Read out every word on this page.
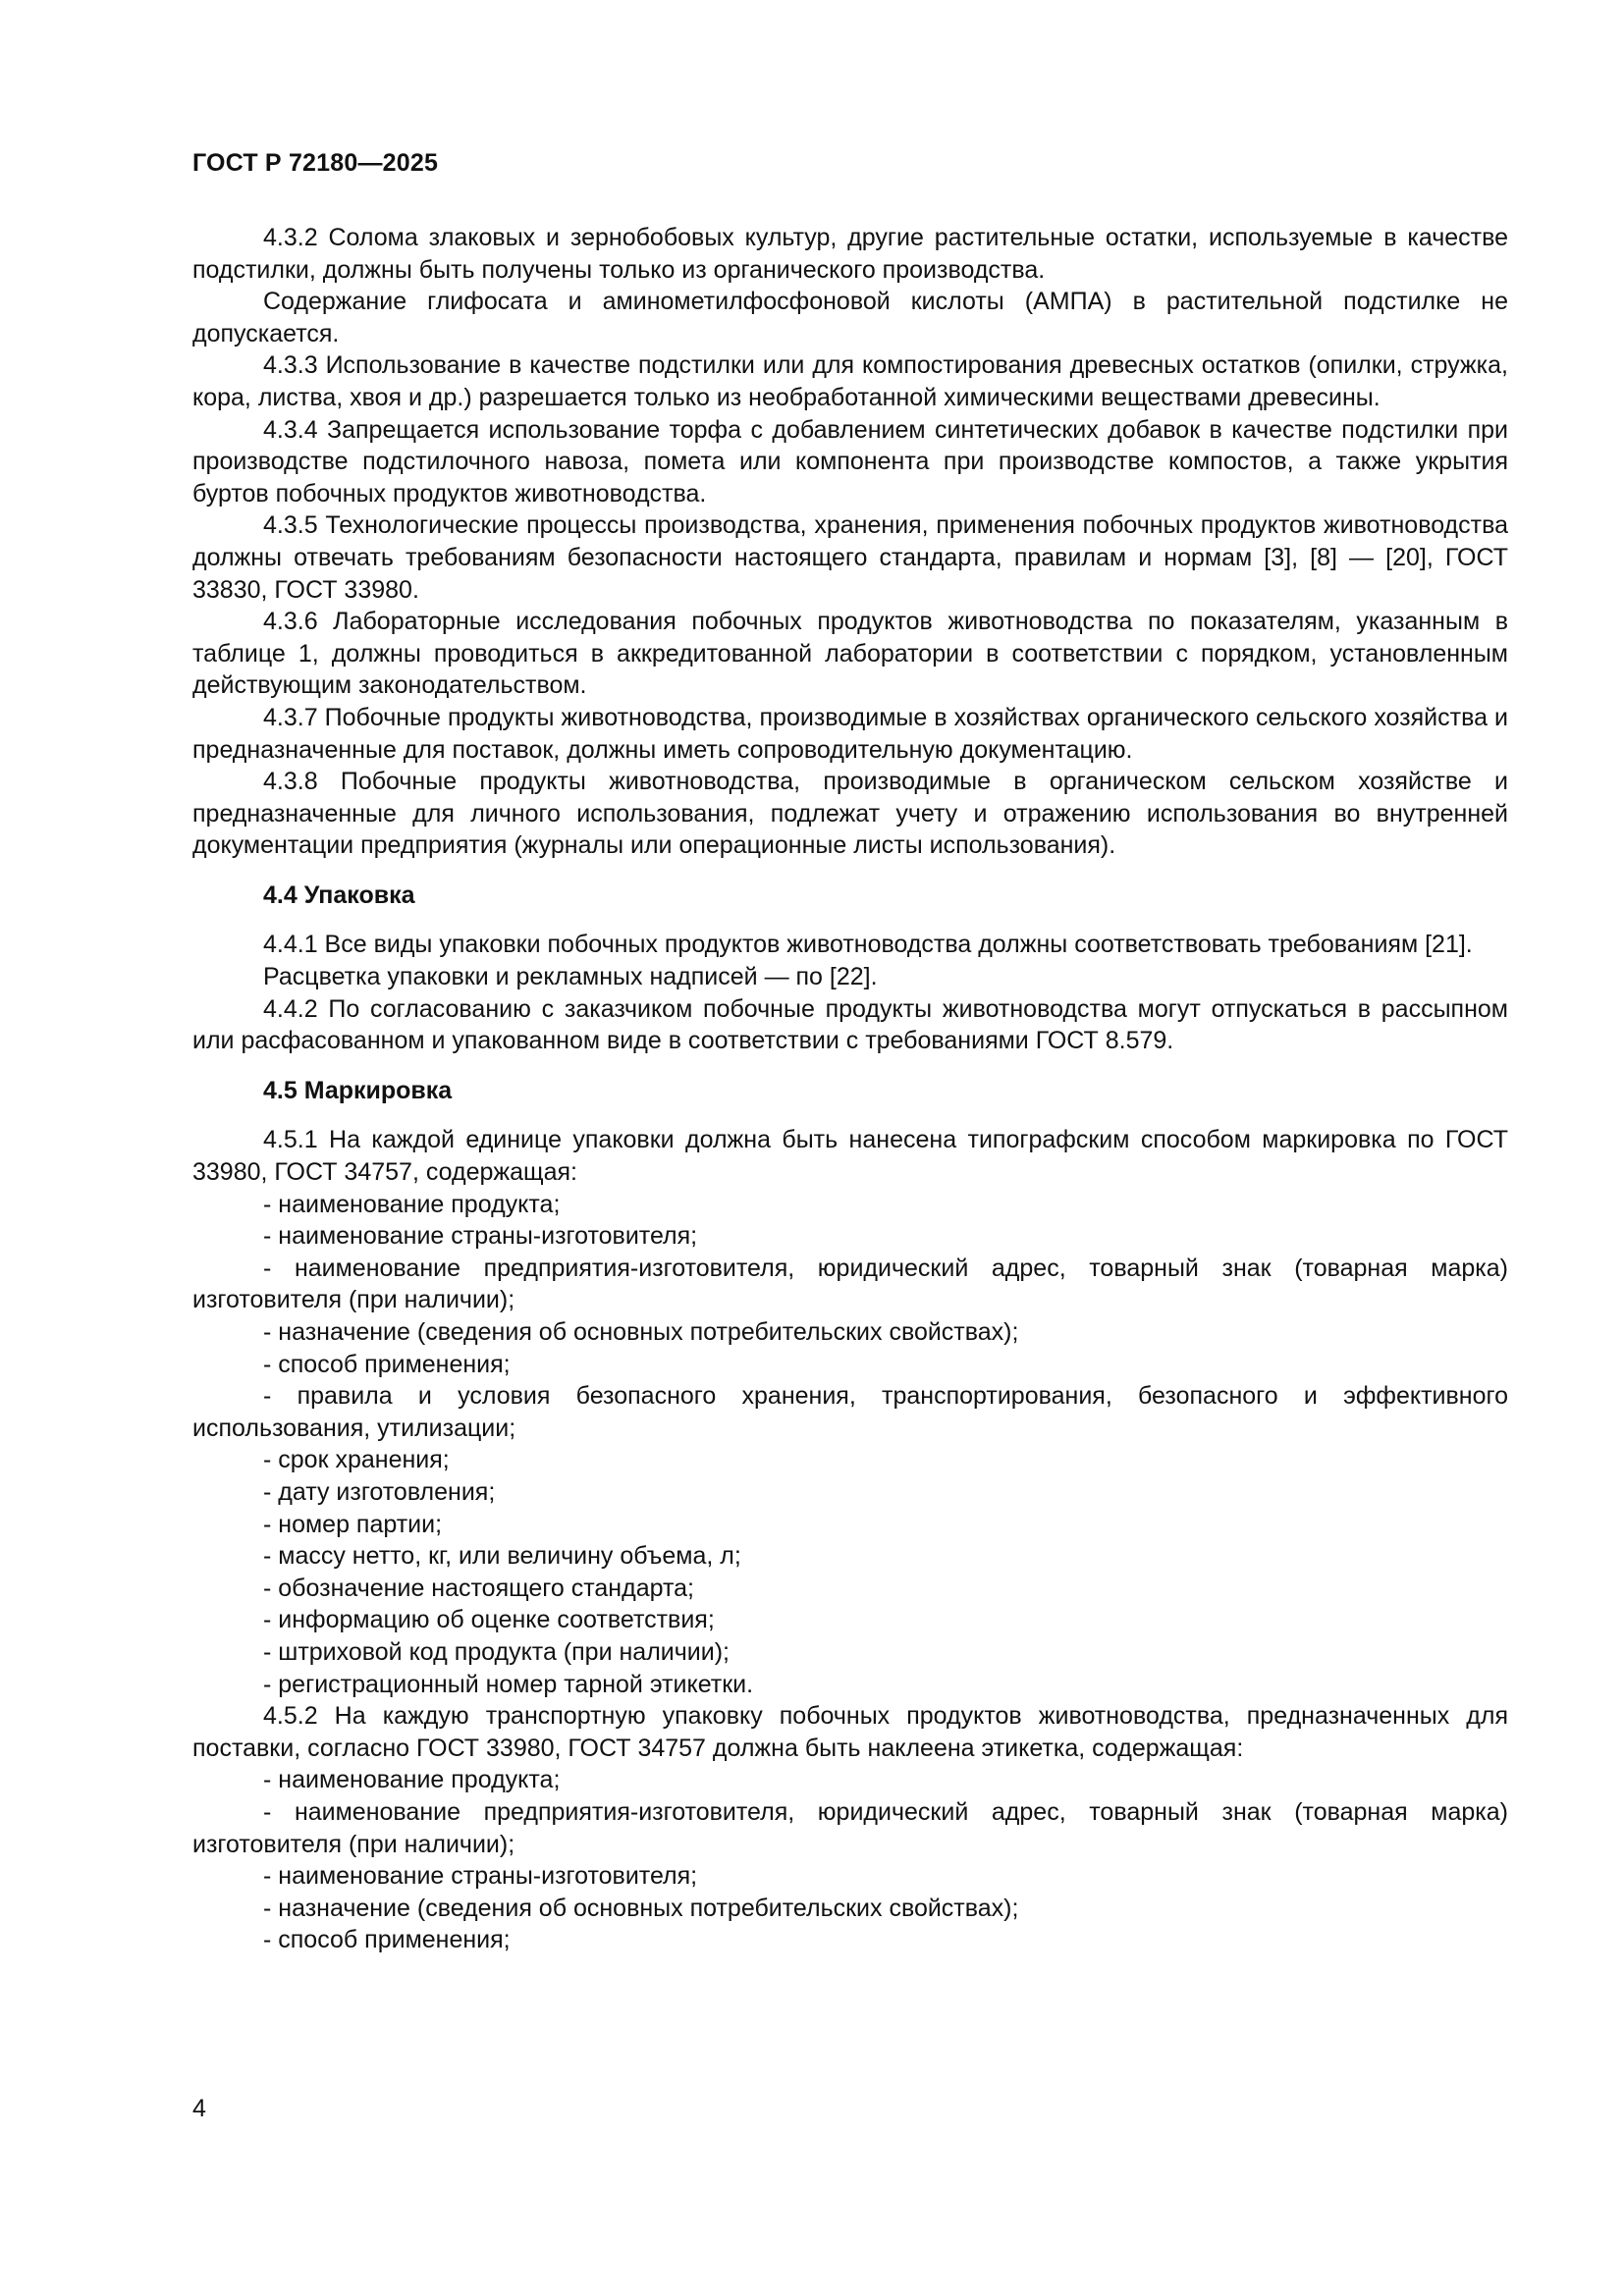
ГОСТ Р 72180—2025

4.3.2 Солома злаковых и зернобобовых культур, другие растительные остатки, используемые в качестве подстилки, должны быть получены только из органического производства.

Содержание глифосата и аминометилфосфоновой кислоты (АМПА) в растительной подстилке не допускается.

4.3.3 Использование в качестве подстилки или для компостирования древесных остатков (опилки, стружка, кора, листва, хвоя и др.) разрешается только из необработанной химическими веществами древесины.

4.3.4 Запрещается использование торфа с добавлением синтетических добавок в качестве подстилки при производстве подстилочного навоза, помета или компонента при производстве компостов, а также укрытия буртов побочных продуктов животноводства.

4.3.5 Технологические процессы производства, хранения, применения побочных продуктов животноводства должны отвечать требованиям безопасности настоящего стандарта, правилам и нормам [3], [8] — [20], ГОСТ 33830, ГОСТ 33980.

4.3.6 Лабораторные исследования побочных продуктов животноводства по показателям, указанным в таблице 1, должны проводиться в аккредитованной лаборатории в соответствии с порядком, установленным действующим законодательством.

4.3.7 Побочные продукты животноводства, производимые в хозяйствах органического сельского хозяйства и предназначенные для поставок, должны иметь сопроводительную документацию.

4.3.8 Побочные продукты животноводства, производимые в органическом сельском хозяйстве и предназначенные для личного использования, подлежат учету и отражению использования во внутренней документации предприятия (журналы или операционные листы использования).

4.4 Упаковка

4.4.1 Все виды упаковки побочных продуктов животноводства должны соответствовать требованиям [21].

Расцветка упаковки и рекламных надписей — по [22].

4.4.2 По согласованию с заказчиком побочные продукты животноводства могут отпускаться в рассыпном или расфасованном и упакованном виде в соответствии с требованиями ГОСТ 8.579.

4.5 Маркировка

4.5.1 На каждой единице упаковки должна быть нанесена типографским способом маркировка по ГОСТ 33980, ГОСТ 34757, содержащая:

- наименование продукта;

- наименование страны-изготовителя;

- наименование предприятия-изготовителя, юридический адрес, товарный знак (товарная марка) изготовителя (при наличии);

- назначение (сведения об основных потребительских свойствах);

- способ применения;

- правила и условия безопасного хранения, транспортирования, безопасного и эффективного использования, утилизации;

- срок хранения;

- дату изготовления;

- номер партии;

- массу нетто, кг, или величину объема, л;

- обозначение настоящего стандарта;

- информацию об оценке соответствия;

- штриховой код продукта (при наличии);

- регистрационный номер тарной этикетки.

4.5.2 На каждую транспортную упаковку побочных продуктов животноводства, предназначенных для поставки, согласно ГОСТ 33980, ГОСТ 34757 должна быть наклеена этикетка, содержащая:

- наименование продукта;

- наименование предприятия-изготовителя, юридический адрес, товарный знак (товарная марка) изготовителя (при наличии);

- наименование страны-изготовителя;

- назначение (сведения об основных потребительских свойствах);

- способ применения;

4
